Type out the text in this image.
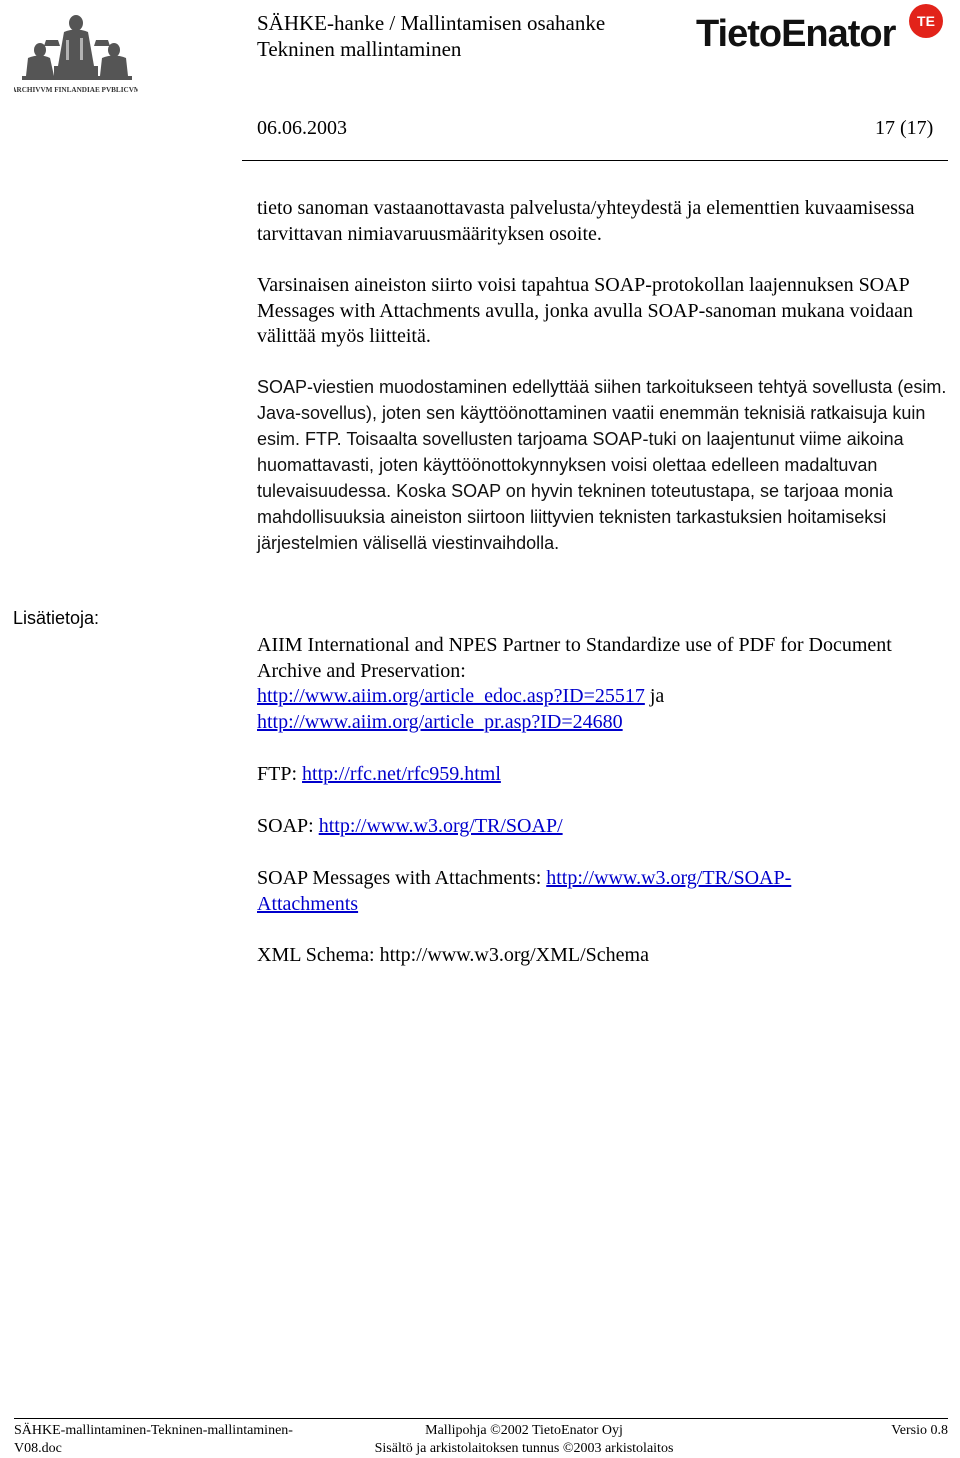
ARCHIVVM FINLANDIAE PVBLICVM
SÄHKE-hanke / Mallintamisen osahanke
Tekninen mallintaminen	TietoEnator	TE
06.06.2003	17 (17)
tieto sanoman vastaanottavasta palvelusta/yhteydestä ja elementtien kuvaamisessa tarvittavan nimiavaruusmäärityksen osoite.
Varsinaisen aineiston siirto voisi tapahtua SOAP-protokollan laajennuksen SOAP Messages with Attachments avulla, jonka avulla SOAP-sanoman mukana voidaan välittää myös liitteitä.
SOAP-viestien muodostaminen edellyttää siihen tarkoitukseen tehtyä sovellusta (esim. Java-sovellus), joten sen käyttöönottaminen vaatii enemmän teknisiä ratkaisuja kuin esim. FTP. Toisaalta sovellusten tarjoama SOAP-tuki on laajentunut viime aikoina huomattavasti, joten käyttöönottokynnyksen voisi olettaa edelleen madaltuvan tulevaisuudessa. Koska SOAP on hyvin tekninen toteutustapa, se tarjoaa monia mahdollisuuksia aineiston siirtoon liittyvien teknisten tarkastuksien hoitamiseksi järjestelmien välisellä viestinvaihdolla.
Lisätietoja:
AIIM International and NPES Partner to Standardize use of PDF for Document Archive and Preservation:
http://www.aiim.org/article_edoc.asp?ID=25517 ja
http://www.aiim.org/article_pr.asp?ID=24680
FTP: http://rfc.net/rfc959.html
SOAP: http://www.w3.org/TR/SOAP/
SOAP Messages with Attachments: http://www.w3.org/TR/SOAP-
Attachments
XML Schema: http://www.w3.org/XML/Schema
SÄHKE-mallintaminen-Tekninen-mallintaminen-
V08.doc
Mallipohja ©2002 TietoEnator Oyj
Sisältö ja arkistolaitoksen tunnus ©2003 arkistolaitos
Versio 0.8
